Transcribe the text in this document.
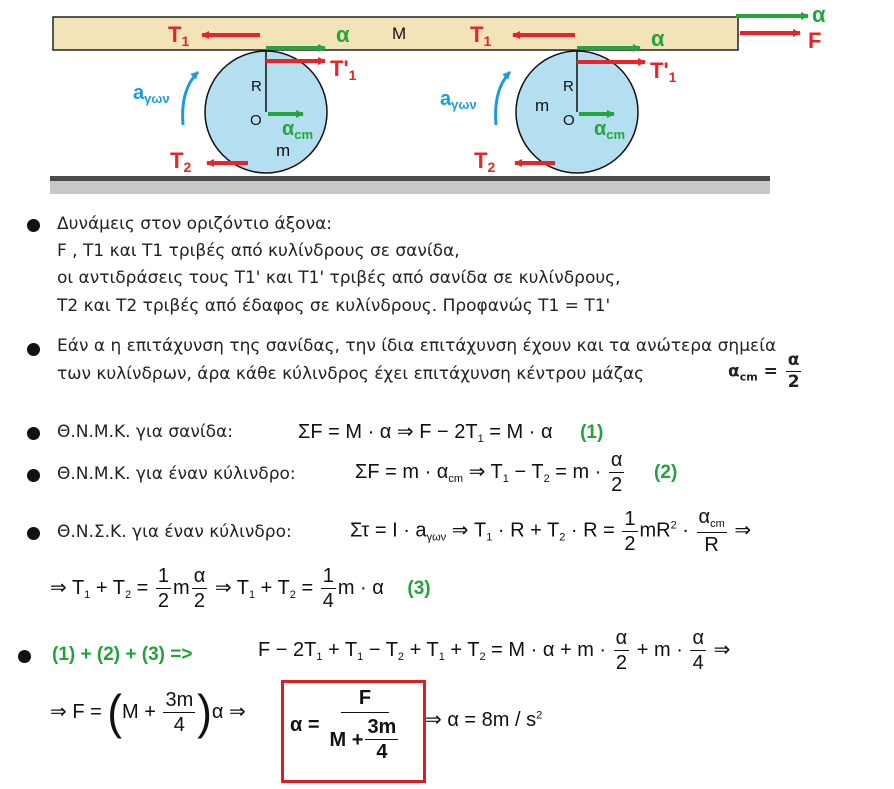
$T_1$	$T_1$
α	α
M
α
F
$T'_1$	$T'_1$
R	R
O	O
m
m
$\alpha_{cm}$	$\alpha_{cm}$
$a_{\gamma\omega\nu}$	$a_{\gamma\omega\nu}$
$T_2$	$T_2$
Δυνάμεις στον οριζόντιο άξονα:
F , T1 και T1 τριβές από κυλίνδρους σε σανίδα,
οι αντιδράσεις τους T1' και T1' τριβές από σανίδα σε κυλίνδρους,
T2 και T2 τριβές από έδαφος σε κυλίνδρους. Προφανώς T1 = T1'
Εάν α η επιτάχυνση της σανίδας, την ίδια επιτάχυνση έχουν και τα ανώτερα σημεία
των κυλίνδρων, άρα κάθε κύλινδρος έχει επιτάχυνση κέντρου μάζας	$\alpha_{cm} = \frac{\alpha}{2}$
Θ.Ν.Μ.Κ. για σανίδα:	ΣF = M · α ⇒ $F - 2T_1 = M \cdot \alpha$ (1)
Θ.Ν.Μ.Κ. για έναν κύλινδρο:	$\Sigma F = m \cdot \alpha_{cm}$ ⇒ $T_1 - T_2 = m \cdot \frac{\alpha}{2} (2)$
Θ.Ν.Σ.Κ. για έναν κύλινδρο:	$\Sigma\tau = I \cdot a_{\gamma\omega\nu}$ ⇒ $T_1 \cdot R + T_2 \cdot R = \frac{1}{2} mR^2 \cdot \frac{\alpha_{cm}}{R}$ ⇒
⇒ $T_1 + T_2 = \frac{1}{2}$ m $\frac{\alpha}{2}$ ⇒ $T_1 + T_2 = \frac{1}{4}$ m · α (3)
(1) + (2) + (3) =>	$F - 2T_1 + T_1 - T_2 + T_1 + T_2 = M \cdot \alpha + m \cdot \frac{\alpha}{2} + m \cdot \frac{\alpha}{4}$ ⇒
⇒ $F = (M + \frac{3m}{4} )\alpha$ ⇒
$\alpha = \frac{F}{M + \frac{3m}{4}}$ ⇒ $\alpha = 8m / s^2$
